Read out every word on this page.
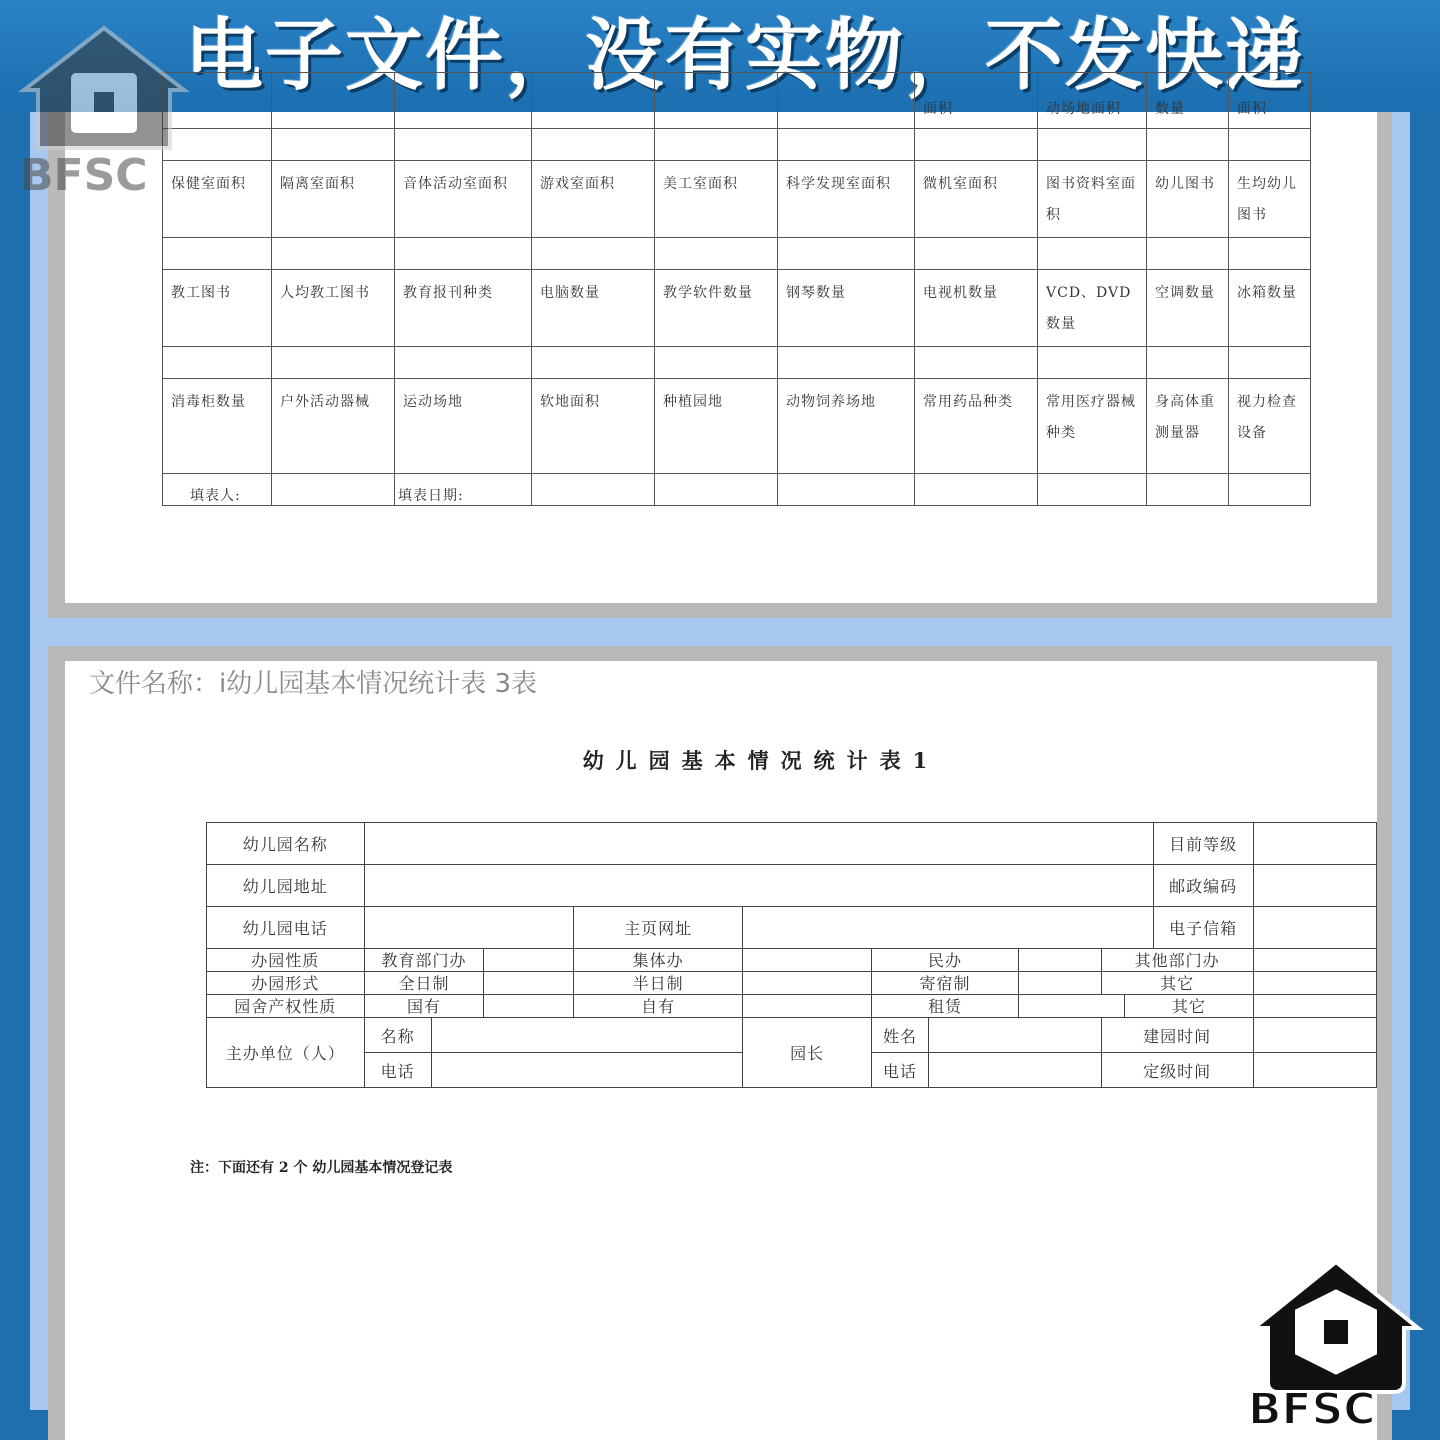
电子文件，没有实物，不发快递
						面积	动场地面积	数量	面积

保健室面积	隔离室面积	音体活动室面积	游戏室面积	美工室面积	科学发现室面积	微机室面积	图书资料室面积	幼儿图书	生均幼儿图书

教工图书	人均教工图书	教育报刊种类	电脑数量	教学软件数量	钢琴数量	电视机数量	VCD、DVD数量	空调数量	冰箱数量

消毒柜数量	户外活动器械	运动场地	软地面积	种植园地	动物饲养场地	常用药品种类	常用医疗器械种类	身高体重测量器	视力检查设备

填表人:	填表日期:
文件名称：i幼儿园基本情况统计表 3表
幼儿园基本情况统计表1
幼儿园名称											目前等级	
幼儿园地址											邮政编码	
幼儿园电话				主页网址							电子信箱	
办园性质	教育部门办			集体办		民办			其他部门办			
办园形式	全日制			半日制		寄宿制			其它			
园舍产权性质	国有			自有		租赁				其它		
主办单位（人）	名称				园长	姓名			建园时间			
	电话					电话			定级时间			
注：下面还有 2 个 幼儿园基本情况登记表
BFSC
BFSC
